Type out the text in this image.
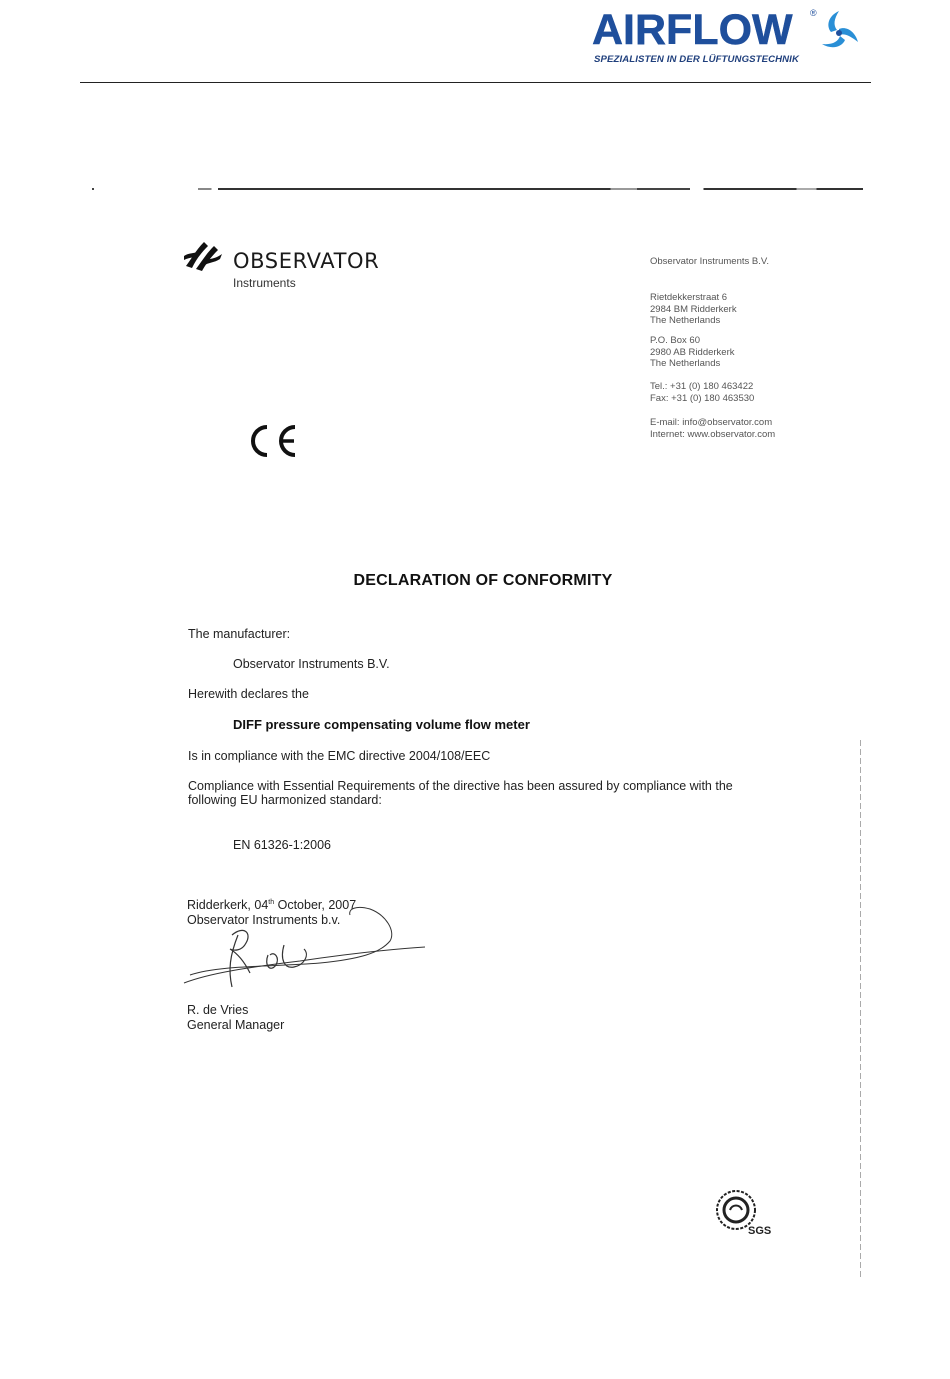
AIRFLOW ®
SPEZIALISTEN IN DER LÜFTUNGSTECHNIK
OBSERVATOR
Instruments
Observator Instruments B.V.
Rietdekkerstraat 6
2984 BM Ridderkerk
The Netherlands
P.O. Box 60
2980 AB Ridderkerk
The Netherlands
Tel.: +31 (0) 180 463422
Fax: +31 (0) 180 463530
E-mail: info@observator.com
Internet: www.observator.com
DECLARATION OF CONFORMITY
The manufacturer:
Observator Instruments B.V.
Herewith declares the
DIFF pressure compensating volume flow meter
Is in compliance with the EMC directive 2004/108/EEC
Compliance with Essential Requirements of the directive has been assured by compliance with the
following EU harmonized standard:
EN 61326-1:2006
Ridderkerk, 04th October, 2007
Observator Instruments b.v.
R. de Vries
General Manager
SGS
